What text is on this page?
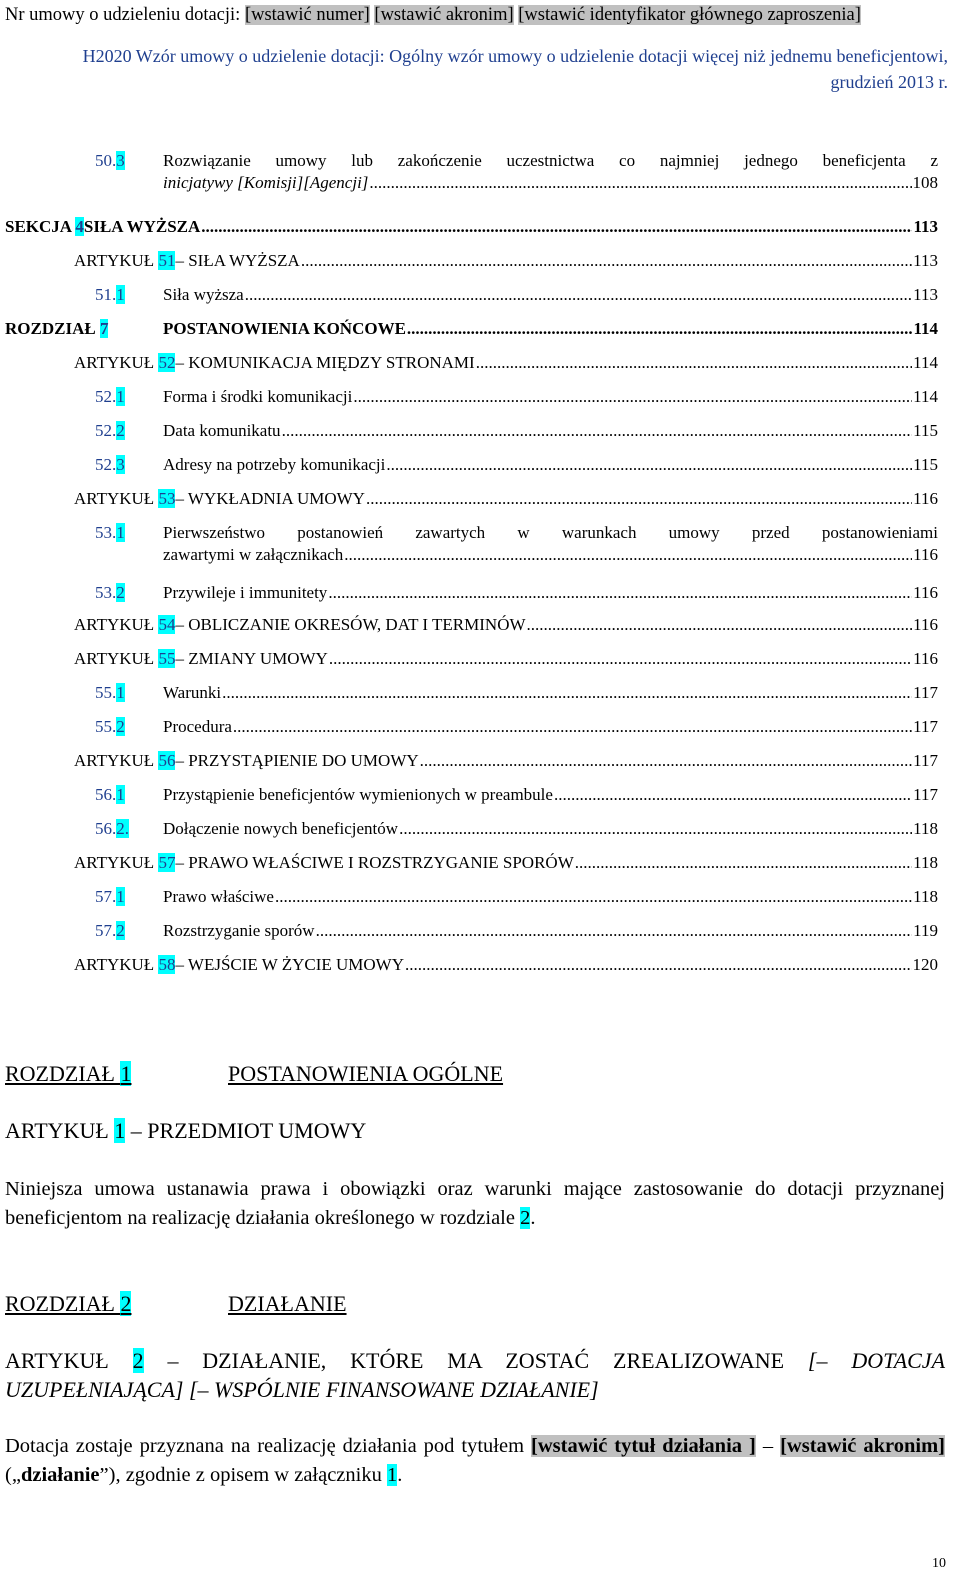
Nr umowy o udzieleniu dotacji: [wstawić numer] [wstawić akronim] [wstawić identyfikator głównego zaproszenia]
H2020 Wzór umowy o udzielenie dotacji: Ogólny wzór umowy o udzielenie dotacji więcej niż jednemu beneficjentowi, grudzień 2013 r.
50.3	Rozwiązanie umowy lub zakończenie uczestnictwa co najmniej jednego beneficjenta z
inicjatywy [Komisji][Agencji] .....	108
SEKCJA 4 SIŁA WYŻSZA .....	113
ARTYKUŁ 51 – SIŁA WYŻSZA .....	113
51.1	Siła wyższa .....	113
ROZDZIAŁ 7	POSTANOWIENIA KOŃCOWE .....	114
ARTYKUŁ 52 – KOMUNIKACJA MIĘDZY STRONAMI .....	114
52.1	Forma i środki komunikacji .....	114
52.2	Data komunikatu .....	115
52.3	Adresy na potrzeby komunikacji .....	115
ARTYKUŁ 53 – WYKŁADNIA UMOWY .....	116
53.1	Pierwszeństwo postanowień zawartych w warunkach umowy przed postanowieniami
zawartymi w załącznikach .....	116
53.2	Przywileje i immunitety .....	116
ARTYKUŁ 54 – OBLICZANIE OKRESÓW, DAT I TERMINÓW .....	116
ARTYKUŁ 55 – ZMIANY UMOWY .....	116
55.1	Warunki .....	117
55.2	Procedura .....	117
ARTYKUŁ 56 – PRZYSTĄPIENIE DO UMOWY .....	117
56.1	Przystąpienie beneficjentów wymienionych w preambule .....	117
56.2.	Dołączenie nowych beneficjentów .....	118
ARTYKUŁ 57 – PRAWO WŁAŚCIWE I ROZSTRZYGANIE SPORÓW .....	118
57.1	Prawo właściwe .....	118
57.2	Rozstrzyganie sporów .....	119
ARTYKUŁ 58 – WEJŚCIE W ŻYCIE UMOWY .....	120
ROZDZIAŁ 1	POSTANOWIENIA OGÓLNE
ARTYKUŁ 1 – PRZEDMIOT UMOWY
Niniejsza umowa ustanawia prawa i obowiązki oraz warunki mające zastosowanie do dotacji przyznanej beneficjentom na realizację działania określonego w rozdziale 2.
ROZDZIAŁ 2	DZIAŁANIE
ARTYKUŁ 2 – DZIAŁANIE, KTÓRE MA ZOSTAĆ ZREALIZOWANE [– DOTACJA UZUPEŁNIAJĄCA] [– WSPÓLNIE FINANSOWANE DZIAŁANIE]
Dotacja zostaje przyznana na realizację działania pod tytułem [wstawić tytuł działania ] – [wstawić akronim] („działanie”), zgodnie z opisem w załączniku 1.
10
